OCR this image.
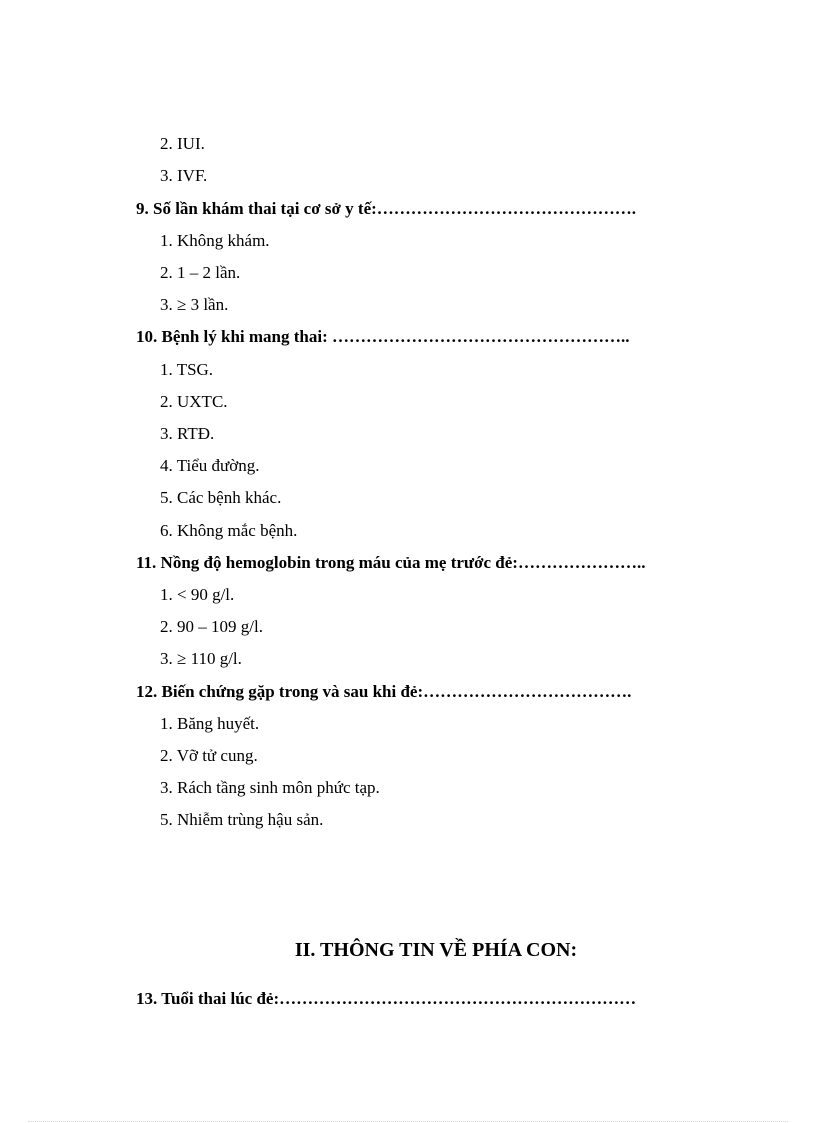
2. IUI.
3. IVF.
9. Số lần khám thai tại cơ sở y tế:……………………………………….
1. Không khám.
2. 1 – 2 lần.
3. ≥ 3 lần.
10. Bệnh lý khi mang thai: ……………………………………………..
1. TSG.
2. UXTC.
3. RTĐ.
4. Tiểu đường.
5. Các bệnh khác.
6. Không mắc bệnh.
11. Nồng độ hemoglobin trong máu của mẹ trước đẻ:…………………..
1. < 90 g/l.
2. 90 – 109 g/l.
3. ≥ 110 g/l.
12. Biến chứng gặp trong và sau khi đẻ:……………………………….
1. Băng huyết.
2. Vỡ tử cung.
3. Rách tầng sinh môn phức tạp.
5. Nhiễm trùng hậu sản.
II. THÔNG TIN VỀ PHÍA CON:
13. Tuổi thai lúc đẻ:………………………………………………………
